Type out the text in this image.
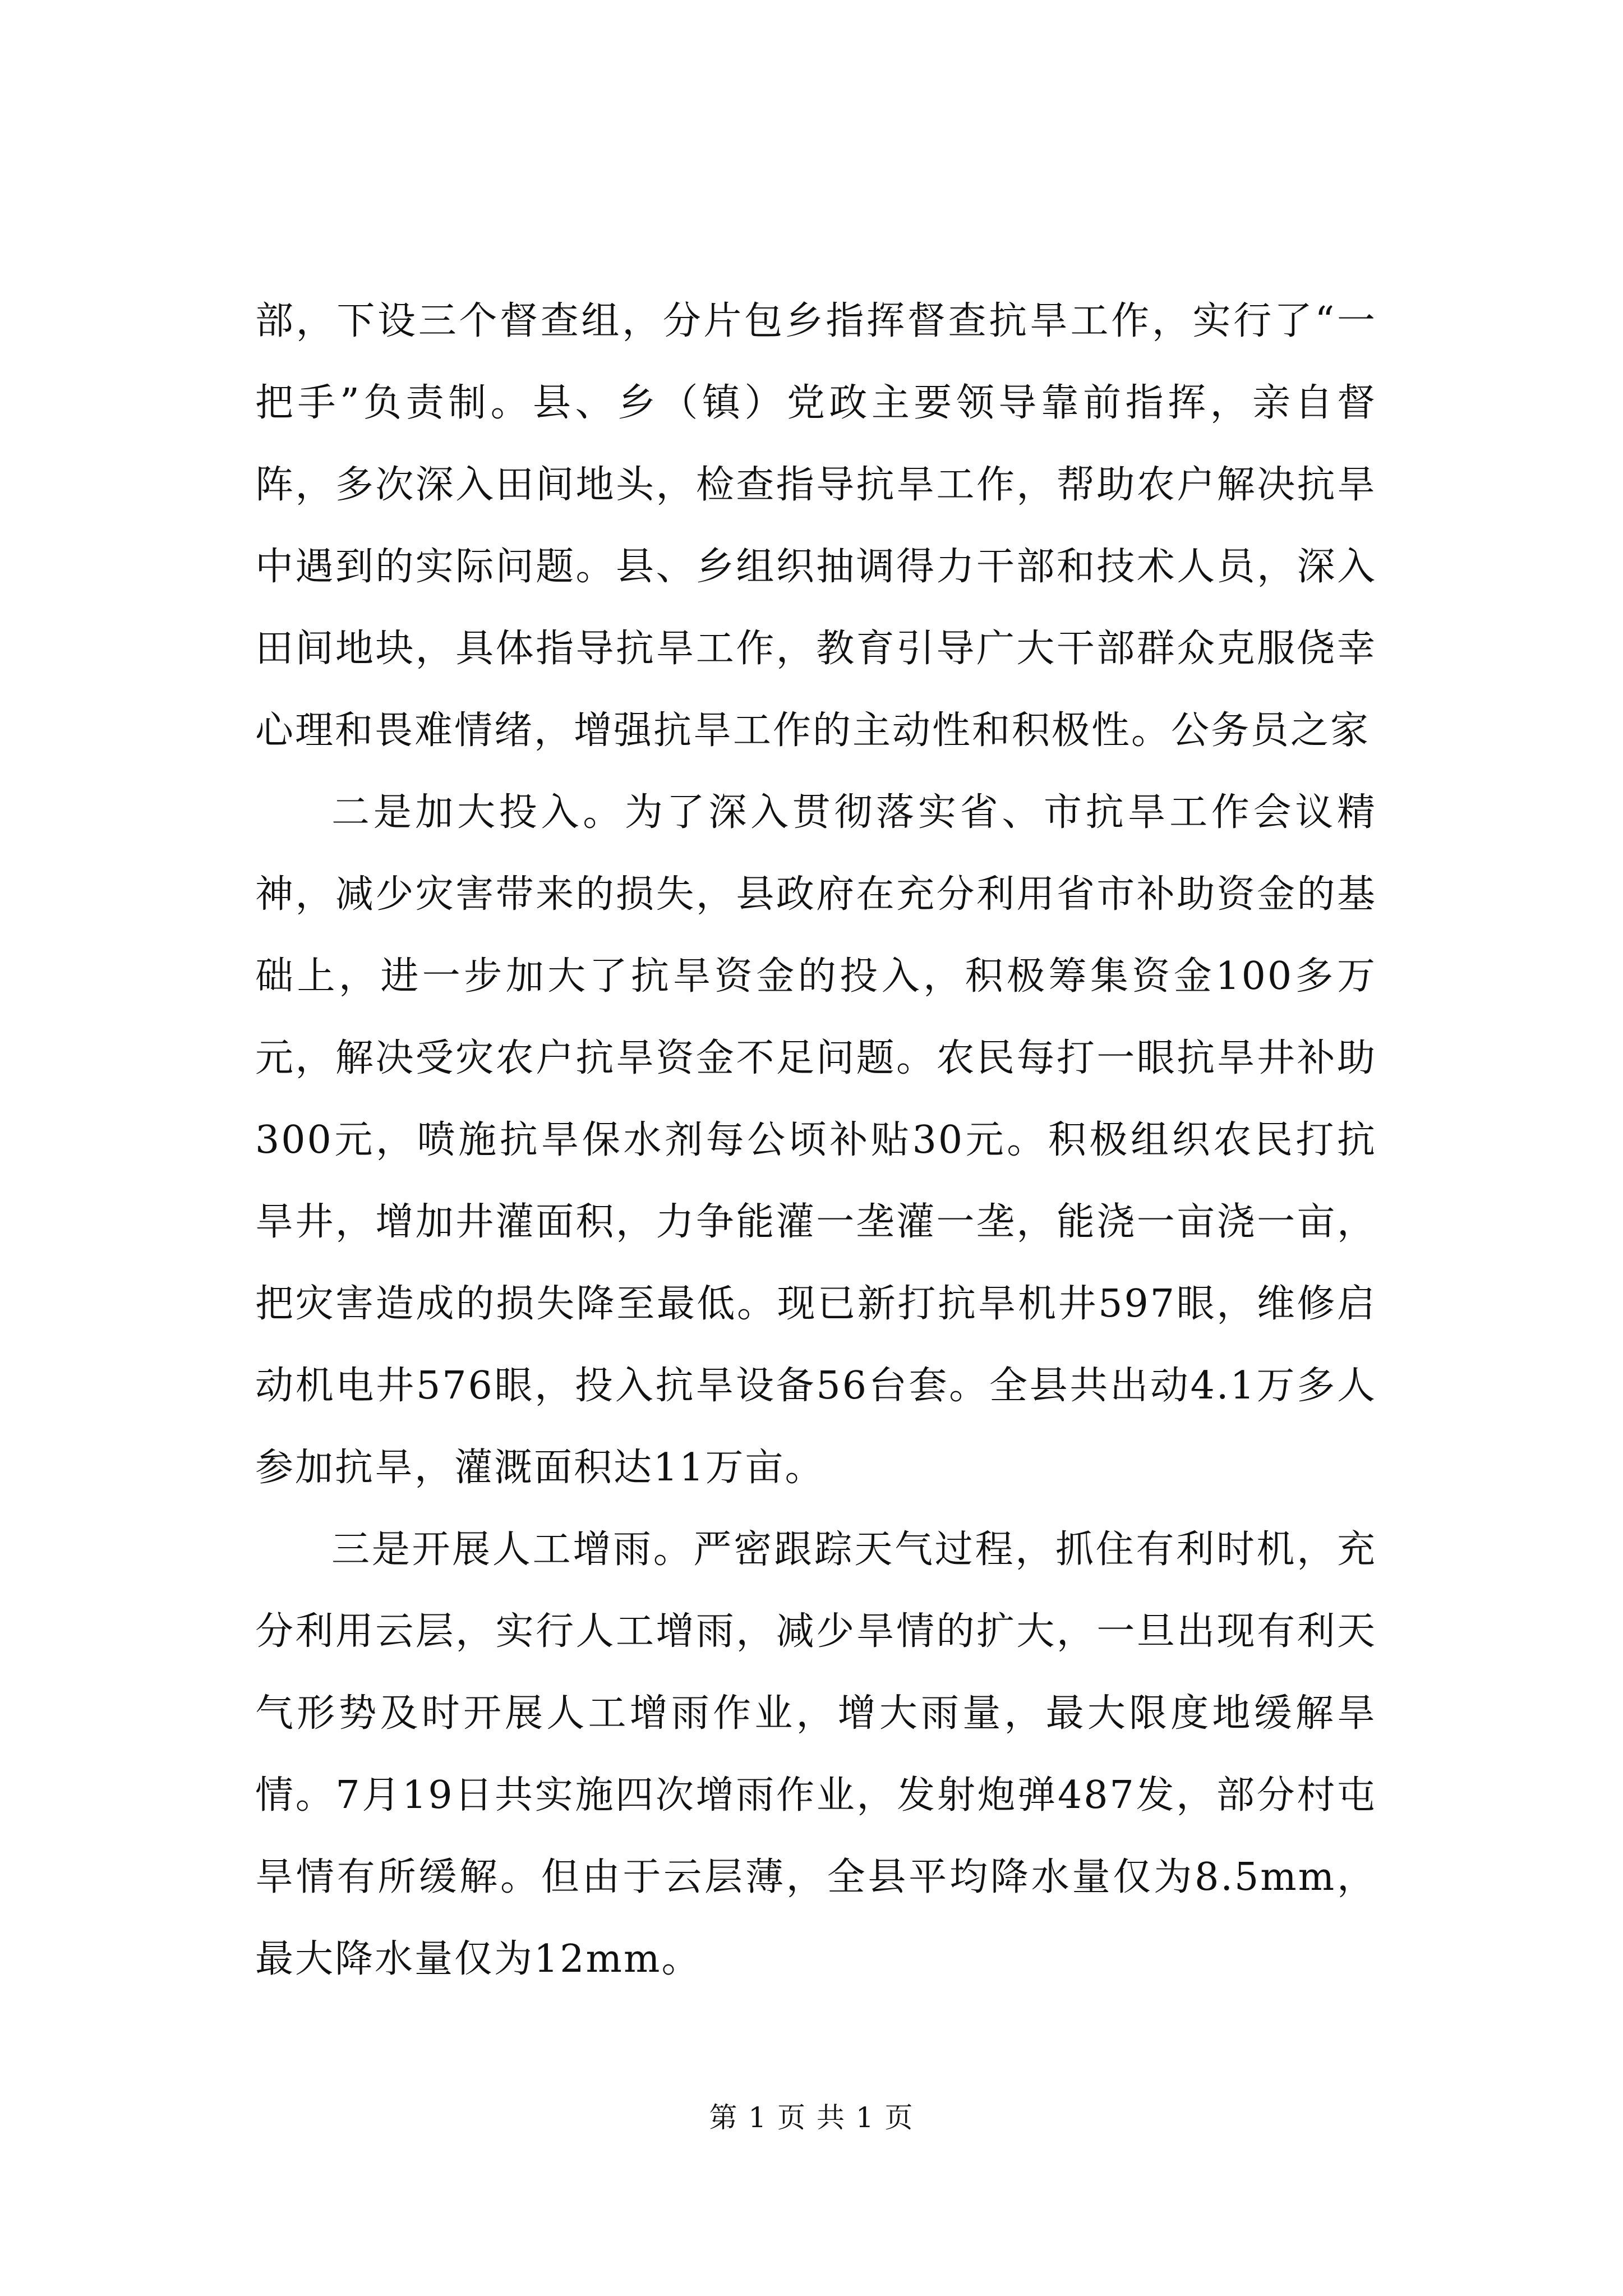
部，下设三个督查组，分片包乡指挥督查抗旱工作，实行了“一把手”负责制。县、乡（镇）党政主要领导靠前指挥，亲自督阵，多次深入田间地头，检查指导抗旱工作，帮助农户解决抗旱中遇到的实际问题。县、乡组织抽调得力干部和技术人员，深入田间地块，具体指导抗旱工作，教育引导广大干部群众克服侥幸心理和畏难情绪，增强抗旱工作的主动性和积极性。公务员之家

二是加大投入。为了深入贯彻落实省、市抗旱工作会议精神，减少灾害带来的损失，县政府在充分利用省市补助资金的基础上，进一步加大了抗旱资金的投入，积极筹集资金100多万元，解决受灾农户抗旱资金不足问题。农民每打一眼抗旱井补助300元，喷施抗旱保水剂每公顷补贴30元。积极组织农民打抗旱井，增加井灌面积，力争能灌一垄灌一垄，能浇一亩浇一亩，把灾害造成的损失降至最低。现已新打抗旱机井597眼，维修启动机电井576眼，投入抗旱设备56台套。全县共出动4.1万多人参加抗旱，灌溉面积达11万亩。

三是开展人工增雨。严密跟踪天气过程，抓住有利时机，充分利用云层，实行人工增雨，减少旱情的扩大，一旦出现有利天气形势及时开展人工增雨作业，增大雨量，最大限度地缓解旱情。7月19日共实施四次增雨作业，发射炮弹487发，部分村屯旱情有所缓解。但由于云层薄，全县平均降水量仅为8.5mm，最大降水量仅为12mm。

第 1 页 共 1 页
